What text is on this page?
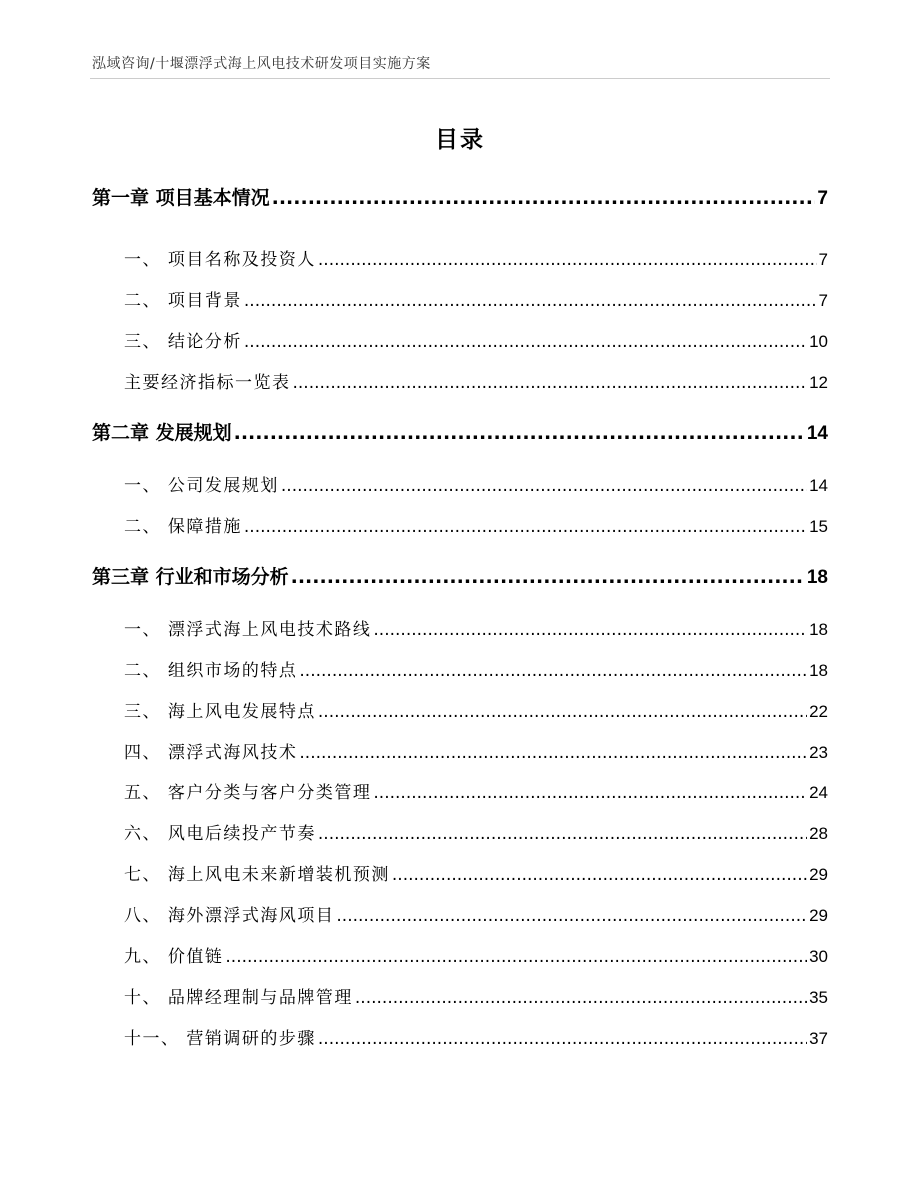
泓域咨询/十堰漂浮式海上风电技术研发项目实施方案
目录
第一章 项目基本情况 .....	7
一、 项目名称及投资人 .....	7
二、 项目背景 .....	7
三、 结论分析 .....	10
主要经济指标一览表 .....	12
第二章 发展规划 .....	14
一、 公司发展规划 .....	14
二、 保障措施 .....	15
第三章 行业和市场分析 .....	18
一、 漂浮式海上风电技术路线 .....	18
二、 组织市场的特点 .....	18
三、 海上风电发展特点 .....	22
四、 漂浮式海风技术 .....	23
五、 客户分类与客户分类管理 .....	24
六、 风电后续投产节奏 .....	28
七、 海上风电未来新增装机预测 .....	29
八、 海外漂浮式海风项目 .....	29
九、 价值链 .....	30
十、 品牌经理制与品牌管理 .....	35
十一、 营销调研的步骤 .....	37
